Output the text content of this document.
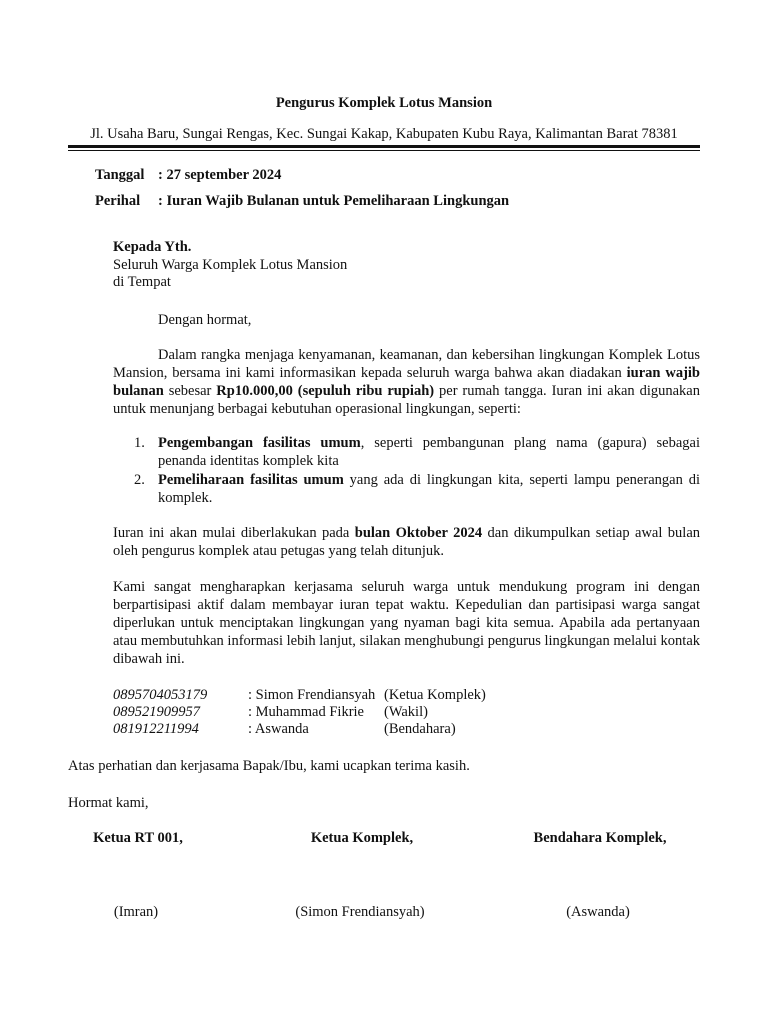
Pengurus Komplek Lotus Mansion
Jl. Usaha Baru, Sungai Rengas, Kec. Sungai Kakap, Kabupaten Kubu Raya, Kalimantan Barat 78381
Tanggal : 27 september 2024
Perihal : Iuran Wajib Bulanan untuk Pemeliharaan Lingkungan
Kepada Yth.
Seluruh Warga Komplek Lotus Mansion
di Tempat
Dengan hormat,
Dalam rangka menjaga kenyamanan, keamanan, dan kebersihan lingkungan Komplek Lotus Mansion, bersama ini kami informasikan kepada seluruh warga bahwa akan diadakan iuran wajib bulanan sebesar Rp10.000,00 (sepuluh ribu rupiah) per rumah tangga. Iuran ini akan digunakan untuk menunjang berbagai kebutuhan operasional lingkungan, seperti:
1. Pengembangan fasilitas umum, seperti pembangunan plang nama (gapura) sebagai penanda identitas komplek kita
2. Pemeliharaan fasilitas umum yang ada di lingkungan kita, seperti lampu penerangan di komplek.
Iuran ini akan mulai diberlakukan pada bulan Oktober 2024 dan dikumpulkan setiap awal bulan oleh pengurus komplek atau petugas yang telah ditunjuk.
Kami sangat mengharapkan kerjasama seluruh warga untuk mendukung program ini dengan berpartisipasi aktif dalam membayar iuran tepat waktu. Kepedulian dan partisipasi warga sangat diperlukan untuk menciptakan lingkungan yang nyaman bagi kita semua. Apabila ada pertanyaan atau membutuhkan informasi lebih lanjut, silakan menghubungi pengurus lingkungan melalui kontak dibawah ini.
0895704053179	: Simon Frendiansyah (Ketua Komplek)
089521909957	: Muhammad Fikrie (Wakil)
081912211994	: Aswanda	(Bendahara)
Atas perhatian dan kerjasama Bapak/Ibu, kami ucapkan terima kasih.
Hormat kami,
Ketua RT 001,	Ketua Komplek,	Bendahara Komplek,
(Imran)	(Simon Frendiansyah)	(Aswanda)
